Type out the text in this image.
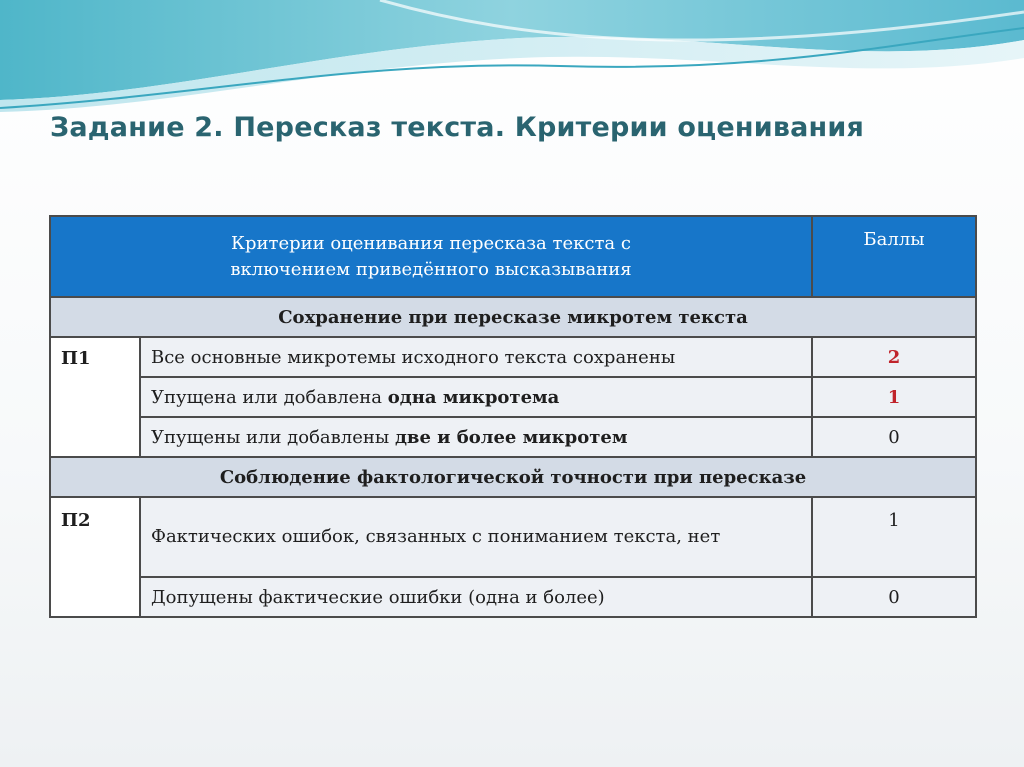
Задание 2. Пересказ текста. Критерии оценивания
Критерии оценивания пересказа текста с
включением приведённого высказывания		Баллы
Сохранение при пересказе микротем текста		
П1	Все основные микротемы исходного текста сохранены	2
	Упущена или добавлена одна микротема	1
	Упущены или добавлены две и более микротем	0
Соблюдение фактологической точности при пересказе		
П2	Фактических ошибок, связанных с пониманием текста, нет	1
	Допущены фактические ошибки (одна и более)	0
